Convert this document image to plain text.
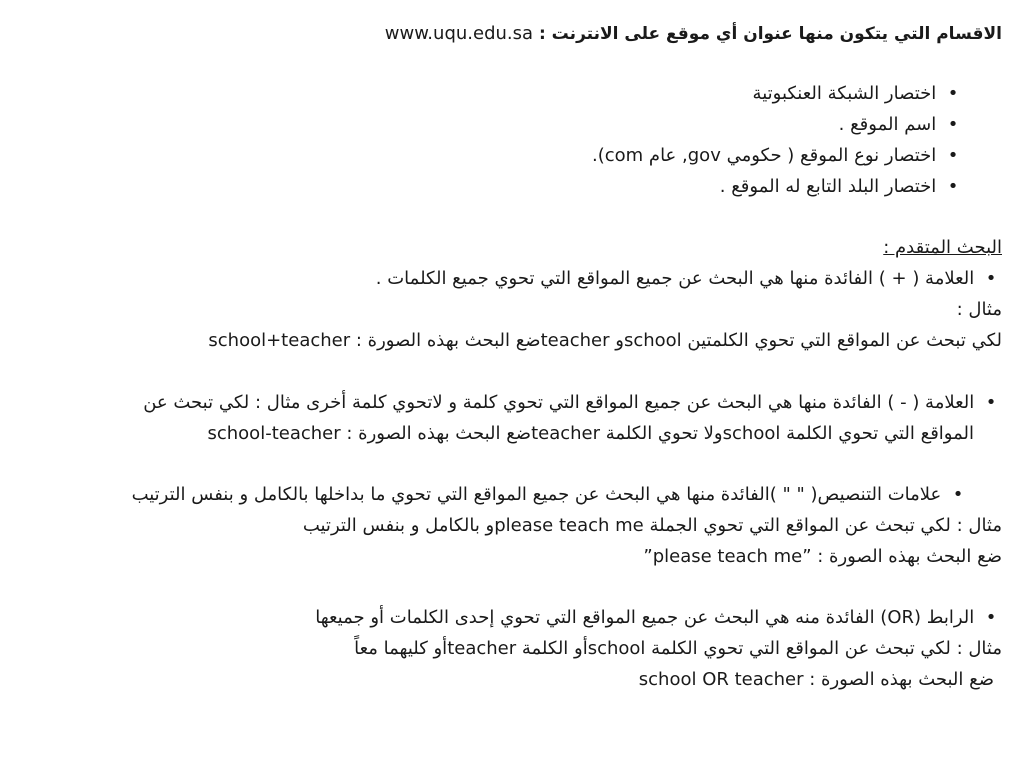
الاقسام التي يتكون منها عنوان أي موقع على الانترنت : www.uqu.edu.sa
• اختصار الشبكة العنكبوتية
• اسم الموقع .
• اختصار نوع الموقع ( حكومي gov, عام com).
• اختصار البلد التابع له الموقع .
البحث المتقدم :
• العلامة ( + ) الفائدة منها هي البحث عن جميع المواقع التي تحوي جميع الكلمات .
مثال :
لكي تبحث عن المواقع التي تحوي الكلمتين schoolو teacherضع البحث بهذه الصورة : school+teacher
• العلامة ( - ) الفائدة منها هي البحث عن جميع المواقع التي تحوي كلمة و لاتحوي كلمة أخرى مثال : لكي تبحث عن
المواقع التي تحوي الكلمة schoolولا تحوي الكلمة teacherضع البحث بهذه الصورة : school-teacher
• علامات التنصيص( " " )الفائدة منها هي البحث عن جميع المواقع التي تحوي ما بداخلها بالكامل و بنفس الترتيب
مثال : لكي تبحث عن المواقع التي تحوي الجملة please teach meو بالكامل و بنفس الترتيب
ضع البحث بهذه الصورة : ”please teach me”
• الرابط (OR) الفائدة منه هي البحث عن جميع المواقع التي تحوي إحدى الكلمات أو جميعها
مثال : لكي تبحث عن المواقع التي تحوي الكلمة schoolأو الكلمة teacherأو كليهما معاً
ضع البحث بهذه الصورة : school OR teacher
